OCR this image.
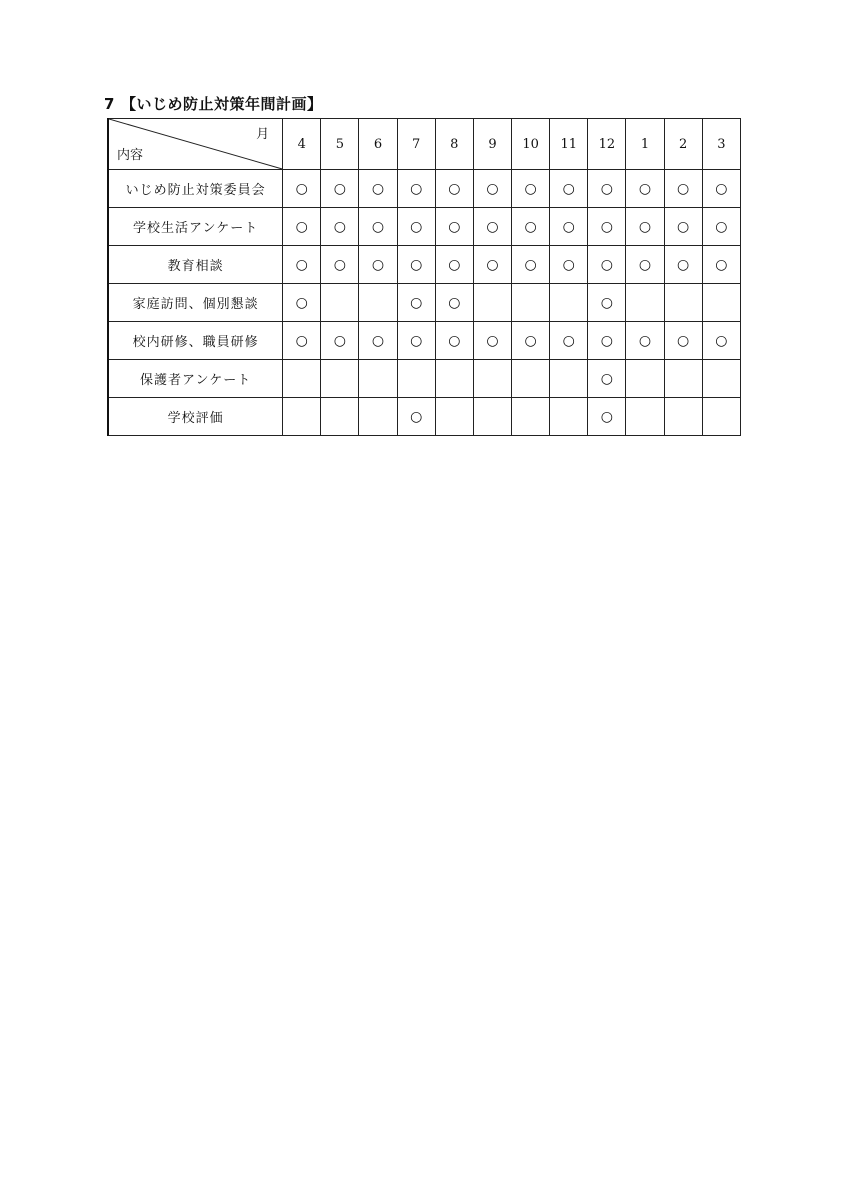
7 【いじめ防止対策年間計画】
月
内容	4	5	6	7	8	9	10	11	12	1	2	3
いじめ防止対策委員会	○	○	○	○	○	○	○	○	○	○	○	○
学校生活アンケート	○	○	○	○	○	○	○	○	○	○	○	○
教育相談	○	○	○	○	○	○	○	○	○	○	○	○
家庭訪問、個別懇談	○			○	○				○			
校内研修、職員研修	○	○	○	○	○	○	○	○	○	○	○	○
保護者アンケート									○			
学校評価				○					○			
